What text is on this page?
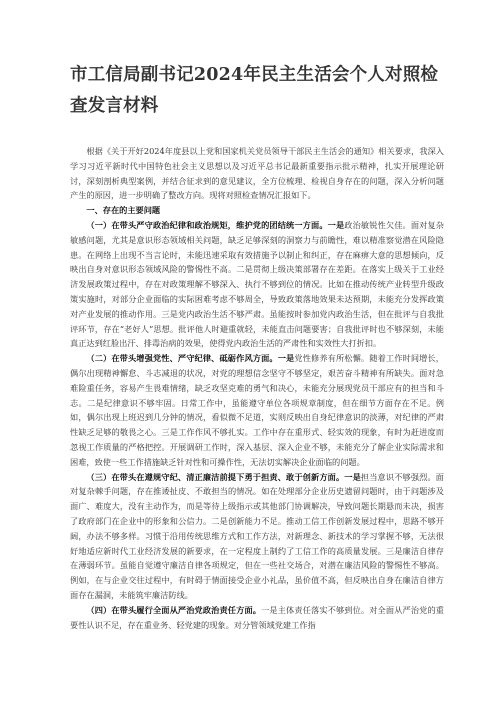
市工信局副书记2024年民主生活会个人对照检查发言材料

根据《关于开好2024年度县以上党和国家机关党员领导干部民主生活会的通知》相关要求，我深入学习习近平新时代中国特色社会主义思想以及习近平总书记最新重要指示批示精神，扎实开展理论研讨，深刻剖析典型案例，并结合征求到的意见建议，全方位梳理、检视自身存在的问题，深入分析问题产生的原因，进一步明确了整改方向。现将对照检查情况汇报如下。

一、存在的主要问题

（一）在带头严守政治纪律和政治规矩，维护党的团结统一方面。一是政治敏锐性欠佳。面对复杂敏感问题，尤其是意识形态领域相关问题，缺乏足够深刻的洞察力与前瞻性，难以精准察觉潜在风险隐患。在网络上出现不当言论时，未能迅速采取有效措施予以制止和纠正，存在麻痹大意的思想倾向，反映出自身对意识形态领域风险的警惕性不高。二是贯彻上级决策部署存在差距。在落实上级关于工业经济发展政策过程中，存在对政策理解不够深入、执行不够到位的情况。比如在推动传统产业转型升级政策实施时，对部分企业面临的实际困难考虑不够周全，导致政策落地效果未达预期，未能充分发挥政策对产业发展的推动作用。三是党内政治生活不够严肃。虽能按时参加党内政治生活，但在批评与自我批评环节，存在“老好人”思想。批评他人时避重就轻，未能直击问题要害；自我批评时也不够深刻，未能真正达到红脸出汗、排毒治病的效果，使得党内政治生活的严肃性和实效性大打折扣。

（二）在带头增强党性、严守纪律、砥砺作风方面。一是党性修养有所松懈。随着工作时间增长，偶尔出现精神懈怠、斗志减退的状况，对党的理想信念坚守不够坚定，艰苦奋斗精神有所缺失。面对急难险重任务，容易产生畏难情绪，缺乏攻坚克难的勇气和决心，未能充分展现党员干部应有的担当和斗志。二是纪律意识不够牢固。日常工作中，虽能遵守单位各项规章制度，但在细节方面存在不足。例如，偶尔出现上班迟到几分钟的情况，看似微不足道，实则反映出自身纪律意识的淡薄，对纪律的严肃性缺乏足够的敬畏之心。三是工作作风不够扎实。工作中存在重形式、轻实效的现象，有时为赶进度而忽视工作质量的严格把控。开展调研工作时，深入基层、深入企业不够，未能充分了解企业实际需求和困难，致使一些工作措施缺乏针对性和可操作性，无法切实解决企业面临的问题。

（三）在带头在遵规守纪、清正廉洁前提下勇于担责、敢于创新方面。一是担当意识不够强烈。面对复杂棘手问题，存在推诿扯皮、不敢担当的情况。如在处理部分企业历史遗留问题时，由于问题涉及面广、难度大，没有主动作为，而是等待上级指示或其他部门协调解决，导致问题长期悬而未决，损害了政府部门在企业中的形象和公信力。二是创新能力不足。推动工信工作创新发展过程中，思路不够开阔，办法不够多样。习惯于沿用传统思维方式和工作方法，对新理念、新技术的学习掌握不够，无法很好地适应新时代工业经济发展的新要求，在一定程度上制约了工信工作的高质量发展。三是廉洁自律存在薄弱环节。虽能自觉遵守廉洁自律各项规定，但在一些社交场合，对潜在廉洁风险的警惕性不够高。例如，在与企业交往过程中，有时碍于情面接受企业小礼品，虽价值不高，但反映出自身在廉洁自律方面存在漏洞，未能筑牢廉洁防线。

（四）在带头履行全面从严治党政治责任方面。一是主体责任落实不够到位。对全面从严治党的重要性认识不足，存在重业务、轻党建的现象。对分管领域党建工作指
